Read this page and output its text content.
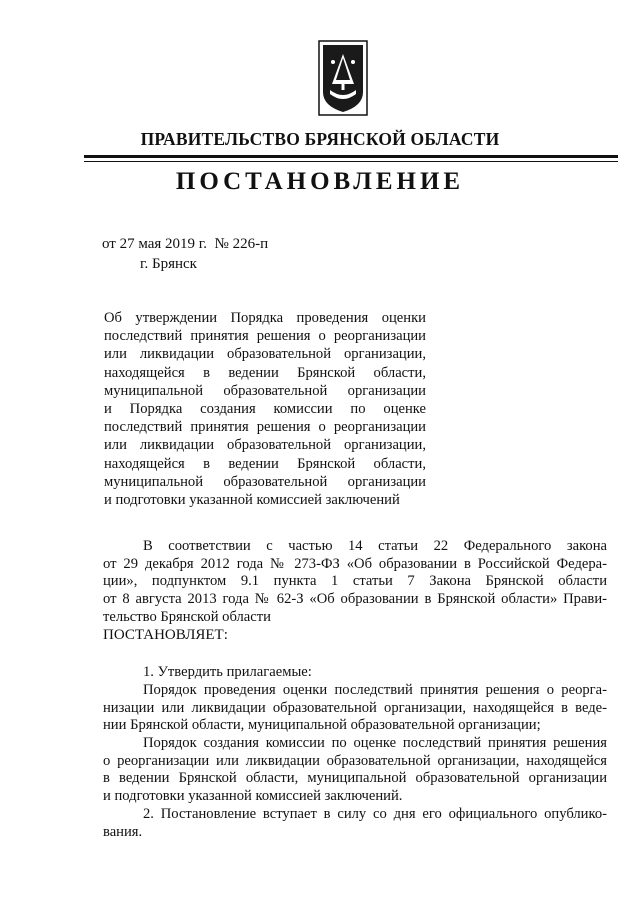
ПРАВИТЕЛЬСТВО БРЯНСКОЙ ОБЛАСТИ
ПОСТАНОВЛЕНИЕ
от 27 мая 2019 г. № 226-п
г. Брянск
Об утверждении Порядка проведения оценки
последствий принятия решения о реорганизации
или ликвидации образовательной организации,
находящейся в ведении Брянской области,
муниципальной образовательной организации
и Порядка создания комиссии по оценке
последствий принятия решения о реорганизации
или ликвидации образовательной организации,
находящейся в ведении Брянской области,
муниципальной образовательной организации
и подготовки указанной комиссией заключений
В соответствии с частью 14 статьи 22 Федерального закона
от 29 декабря 2012 года № 273-ФЗ «Об образовании в Российской Федера-
ции», подпунктом 9.1 пункта 1 статьи 7 Закона Брянской области
от 8 августа 2013 года № 62-З «Об образовании в Брянской области» Прави-
тельство Брянской области
ПОСТАНОВЛЯЕТ:
1. Утвердить прилагаемые:
Порядок проведения оценки последствий принятия решения о реорга-
низации или ликвидации образовательной организации, находящейся в веде-
нии Брянской области, муниципальной образовательной организации;
Порядок создания комиссии по оценке последствий принятия решения
о реорганизации или ликвидации образовательной организации, находящейся
в ведении Брянской области, муниципальной образовательной организации
и подготовки указанной комиссией заключений.
2. Постановление вступает в силу со дня его официального опублико-
вания.
